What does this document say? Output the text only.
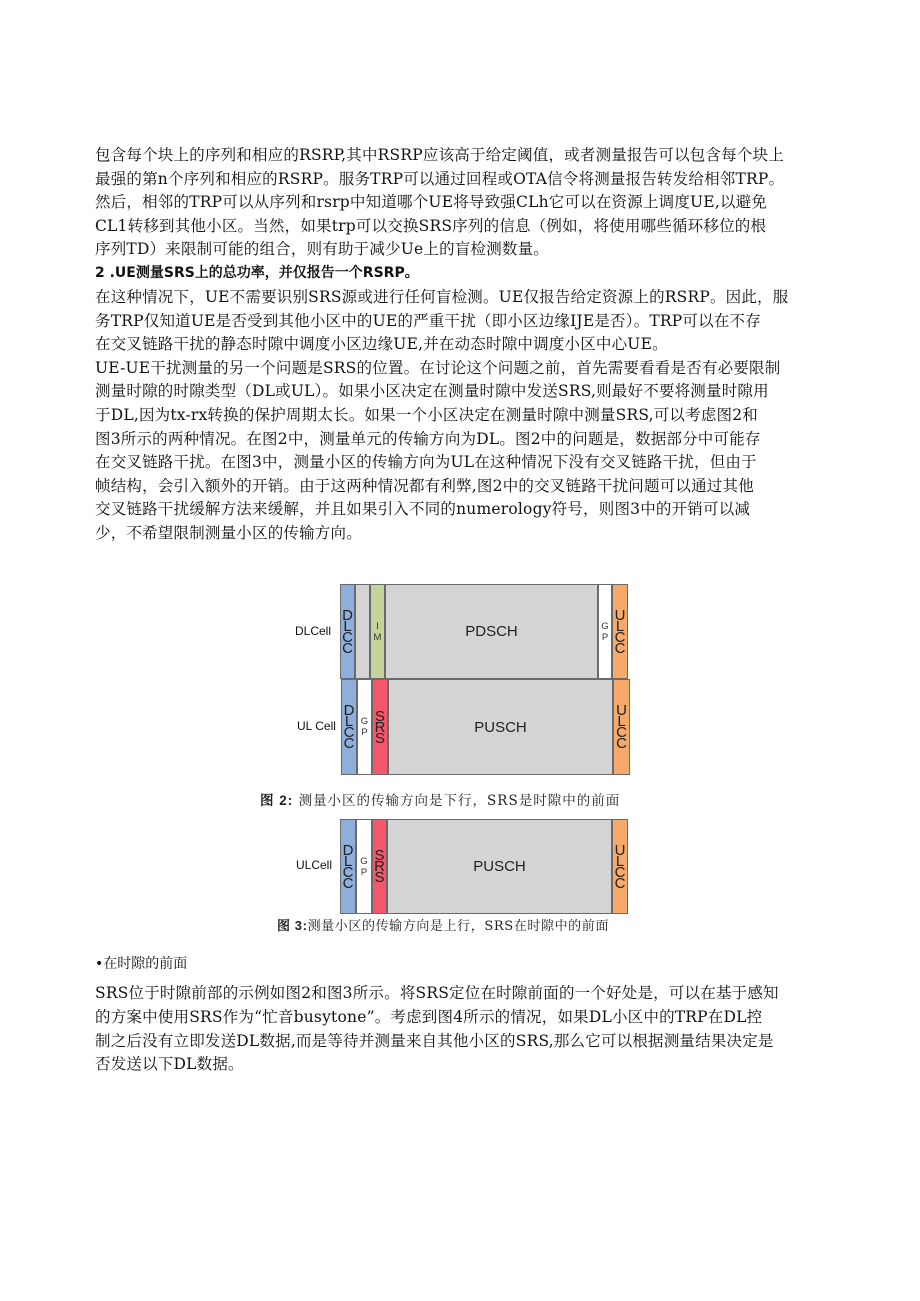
包含每个块上的序列和相应的RSRP,其中RSRP应该高于给定阈值，或者测量报告可以包含每个块上
最强的第n个序列和相应的RSRP。服务TRP可以通过回程或OTA信令将测量报告转发给相邻TRP。
然后，相邻的TRP可以从序列和rsrp中知道哪个UE将导致强CLh它可以在资源上调度UE,以避免
CL1转移到其他小区。当然，如果trp可以交换SRS序列的信息（例如，将使用哪些循环移位的根
序列TD）来限制可能的组合，则有助于减少Ue上的盲检测数量。
2 .UE测量SRS上的总功率，并仅报告一个RSRP。
在这种情况下，UE不需要识别SRS源或进行任何盲检测。UE仅报告给定资源上的RSRP。因此，服
务TRP仅知道UE是否受到其他小区中的UE的严重干扰（即小区边缘IJE是否）。TRP可以在不存
在交叉链路干扰的静态时隙中调度小区边缘UE,并在动态时隙中调度小区中心UE。
UE-UE干扰测量的另一个问题是SRS的位置。在讨论这个问题之前，首先需要看看是否有必要限制
测量时隙的时隙类型（DL或UL）。如果小区决定在测量时隙中发送SRS,则最好不要将测量时隙用
于DL,因为tx-rx转换的保护周期太长。如果一个小区决定在测量时隙中测量SRS,可以考虑图2和
图3所示的两种情况。在图2中，测量单元的传输方向为DL。图2中的问题是，数据部分中可能存
在交叉链路干扰。在图3中，测量小区的传输方向为UL在这种情况下没有交叉链路干扰，但由于
帧结构，会引入额外的开销。由于这两种情况都有利弊,图2中的交叉链路干扰问题可以通过其他
交叉链路干扰缓解方法来缓解，并且如果引入不同的numerology符号，则图3中的开销可以减
少，不希望限制测量小区的传输方向。
DLCell
D
L
C
C
I
M	PDSCH	G
P
U
L
C
C
UL Cell
D
L
C
C
G
P
S
R
S
PUSCH
U
L
C
C
图 2: 测量小区的传输方向是下行，SRS是时隙中的前面
ULCell
D
L
C
C
G
P
S
R
S
PUSCH
U
L
C
C
图 3:测量小区的传输方向是上行，SRS在时隙中的前面
•在时隙的前面
SRS位于时隙前部的示例如图2和图3所示。将SRS定位在时隙前面的一个好处是，可以在基于感知
的方案中使用SRS作为“忙音busytone”。考虑到图4所示的情况，如果DL小区中的TRP在DL控
制之后没有立即发送DL数据,而是等待并测量来自其他小区的SRS,那么它可以根据测量结果决定是
否发送以下DL数据。
